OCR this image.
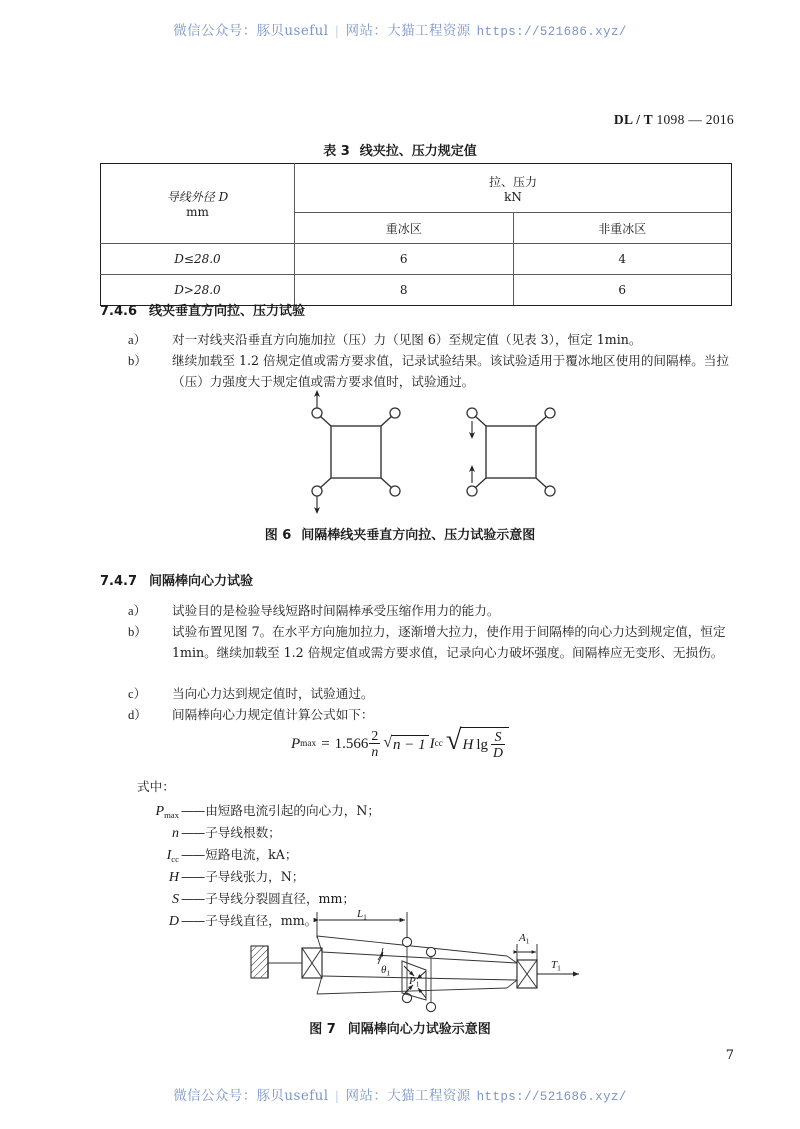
微信公众号：豚贝useful | 网站：大猫工程资源 https://521686.xyz/
DL / T 1098 — 2016
表 3 线夹拉、压力规定值
导线外径 D
mm

拉、压力
kN

	重冰区	非重冰区
D≤28.0	6	4
D>28.0	8	6
7.4.6 线夹垂直方向拉、压力试验
a）	对一对线夹沿垂直方向施加拉（压）力（见图 6）至规定值（见表 3），恒定 1min。
b）	继续加载至 1.2 倍规定值或需方要求值，记录试验结果。该试验适用于覆冰地区使用的间隔棒。当拉（压）力强度大于规定值或需方要求值时，试验通过。
图 6 间隔棒线夹垂直方向拉、压力试验示意图
7.4.7 间隔棒向心力试验
a）	试验目的是检验导线短路时间隔棒承受压缩作用力的能力。
b）	试验布置见图 7。在水平方向施加拉力，逐渐增大拉力，使作用于间隔棒的向心力达到规定值，恒定 1min。继续加载至 1.2 倍规定值或需方要求值，记录向心力破坏强度。间隔棒应无变形、无损伤。
c）	当向心力达到规定值时，试验通过。
d）	间隔棒向心力规定值计算公式如下：
P $\max = 1.566 \frac{2}{n}$ √ n − 1 I cc √ H $\lg \frac{S}{D}$
式中：
Pmax —— 由短路电流引起的向心力，N；
n —— 子导线根数；
Icc —— 短路电流，kA；
H —— 子导线张力，N；
S —— 子导线分裂圆直径，mm；
D —— 子导线直径，mm。	$L_1$
$\theta_1$
$P_1$
$A_1$
$T_1$
图 7 间隔棒向心力试验示意图
7
微信公众号：豚贝useful | 网站：大猫工程资源 https://521686.xyz/
